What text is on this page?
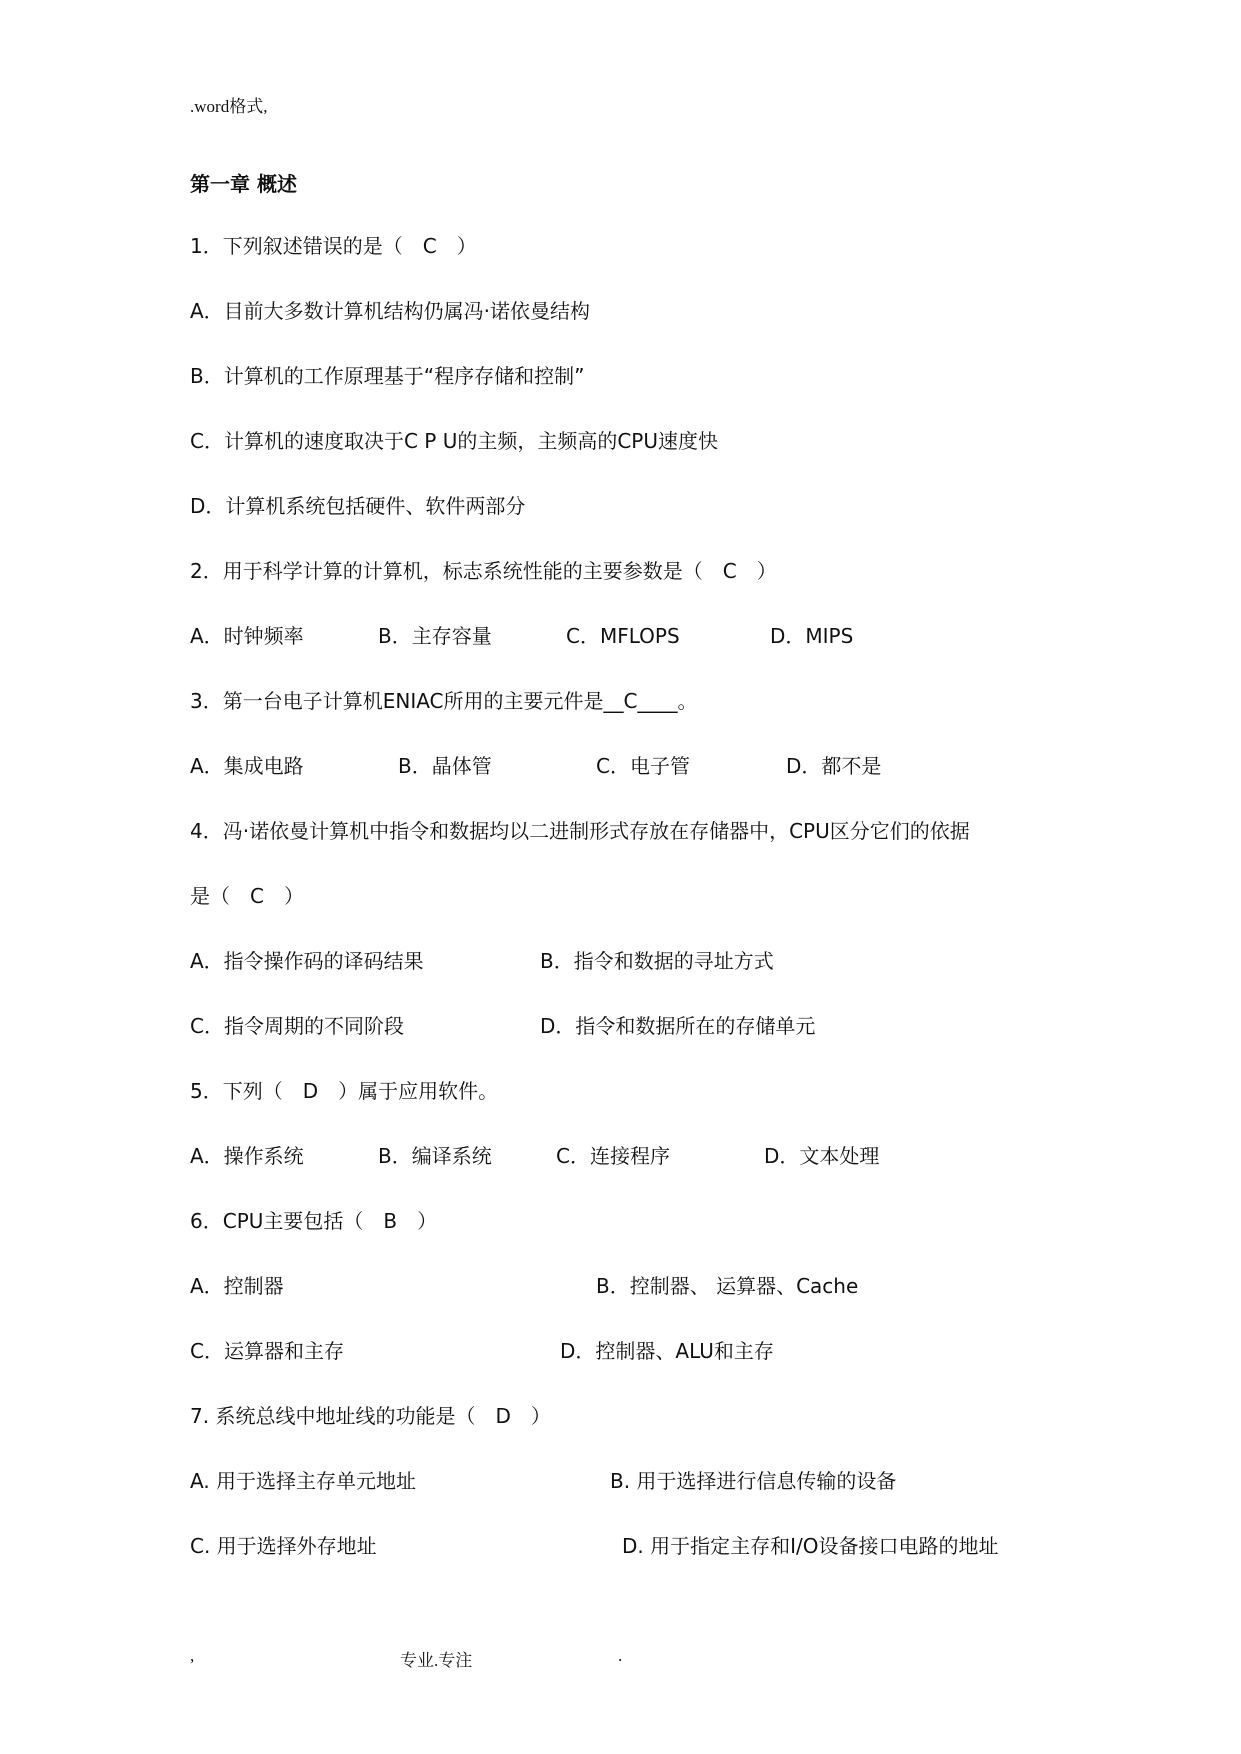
.word格式,
第一章 概述
1．下列叙述错误的是（　C　）
A．目前大多数计算机结构仍属冯·诺依曼结构
B．计算机的工作原理基于“程序存储和控制”
C．计算机的速度取决于C P U的主频，主频高的CPU速度快
D．计算机系统包括硬件、软件两部分
2．用于科学计算的计算机，标志系统性能的主要参数是（　C　）
A．时钟频率	B．主存容量	C．MFLOPS	D．MIPS
3．第一台电子计算机ENIAC所用的主要元件是__C____。
A．集成电路	B．晶体管	C．电子管	D．都不是
4．冯·诺依曼计算机中指令和数据均以二进制形式存放在存储器中，CPU区分它们的依据
是（　C　）
A．指令操作码的译码结果	B．指令和数据的寻址方式
C．指令周期的不同阶段	D．指令和数据所在的存储单元
5．下列（　D　）属于应用软件。
A．操作系统	B．编译系统	C．连接程序	D．文本处理
6．CPU主要包括（　B　）
A．控制器	B．控制器、 运算器、Cache
C．运算器和主存	D．控制器、ALU和主存
7. 系统总线中地址线的功能是（　D　）
A. 用于选择主存单元地址	B. 用于选择进行信息传输的设备
C. 用于选择外存地址	D. 用于指定主存和I/O设备接口电路的地址
,	专业.专注	.
